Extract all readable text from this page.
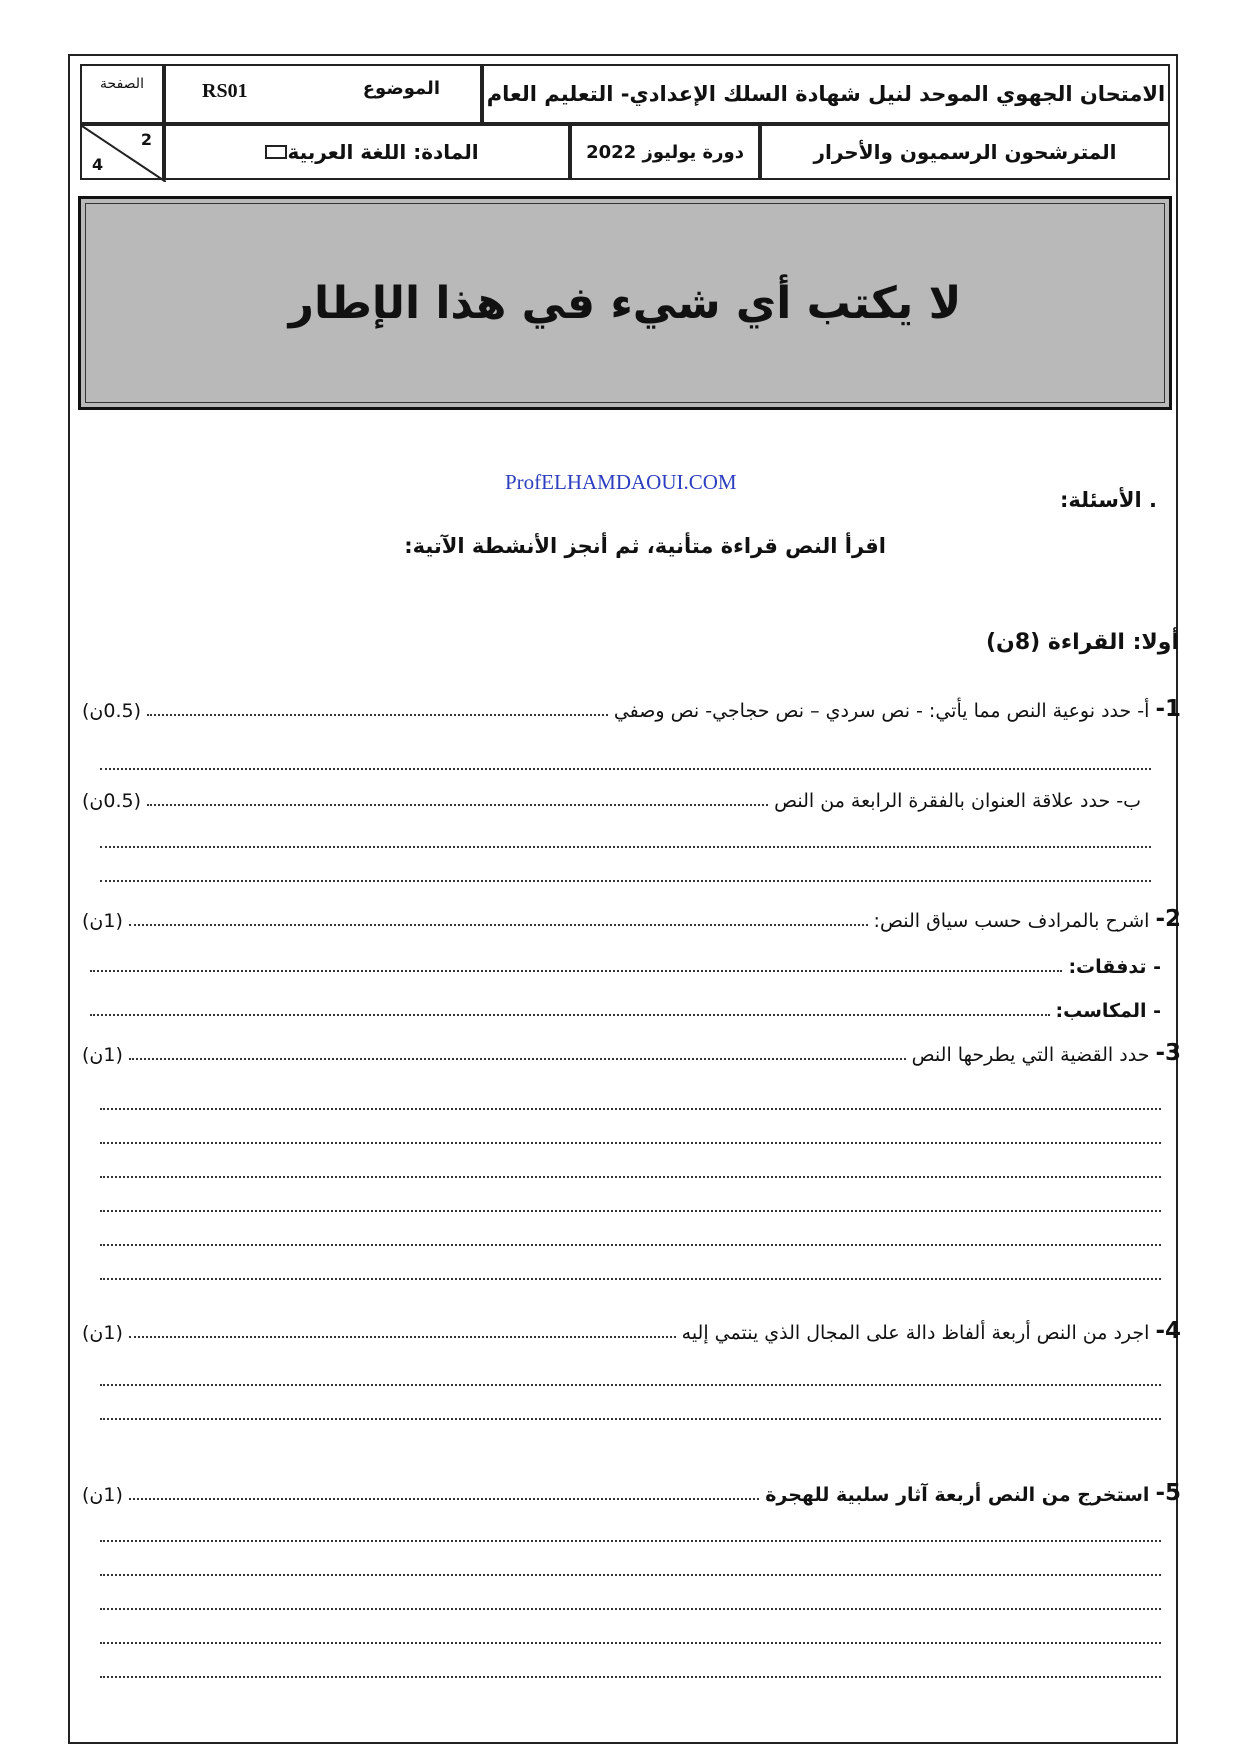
الامتحان الجهوي الموحد لنيل شهادة السلك الإعدادي- التعليم العام
RS01	الموضوع
الصفحة
المترشحون الرسميون والأحرار
دورة يوليوز 2022
المادة: اللغة العربية
2
4
لا يكتب أي شيء في هذا الإطار
ProfELHAMDAOUI.COM
. الأسئلة:
اقرأ النص قراءة متأنية، ثم أنجز الأنشطة الآتية:
أولا: القراءة (8ن)
1-
أ- حدد نوعية النص مما يأتي: - نص سردي – نص حجاجي- نص وصفي
(0.5ن)
ب- حدد علاقة العنوان بالفقرة الرابعة من النص
(0.5ن)
2-
اشرح بالمرادف حسب سياق النص:
(1ن)
- تدفقات:
- المكاسب:
3-
حدد القضية التي يطرحها النص
(1ن)
4-
اجرد من النص أربعة ألفاظ دالة على المجال الذي ينتمي إليه
(1ن)
5-
استخرج من النص أربعة آثار سلبية للهجرة
(1ن)
